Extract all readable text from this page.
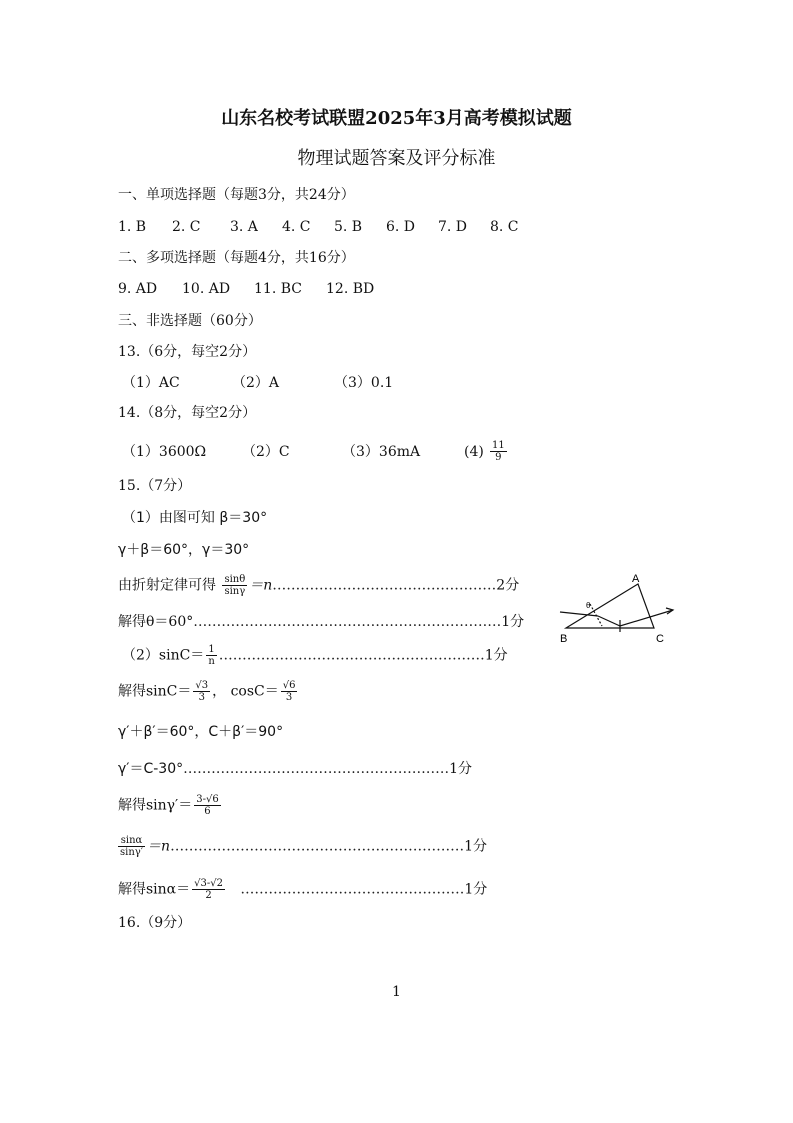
山东名校考试联盟2025年3月高考模拟试题
物理试题答案及评分标准
一、单项选择题（每题3分，共24分）
1. B 2. C 3. A 4. C 5. B 6. D 7. D 8. C
二、多项选择题（每题4分，共16分）
9. AD 10. AD 11. BC 12. BD
三、非选择题（60分）
13.（6分，每空2分）
（1）AC	（2）A	（3）0.1
14.（8分，每空2分）
（1）3600Ω	（2）C	（3）36mA	$(4) \frac{11}{9}$
15.（7分）
（1）由图可知 β＝30°
γ＋β＝60°，γ＝30°
由折射定律可得 $\frac{\sin\theta}{\sin\gamma}$ ＝n…………………………………………2分
解得θ＝60°…………………………………………………………1分
$(2)\sin C= \frac{1}{n}$ …………………………………………………1分
解得$\sin C= \frac{√3}{3}$ ， $\cos C= \frac{√6}{3}$
γ′＋β′＝60°，C＋β′＝90°
γ′＝C-30°…………………………………………………1分
解得$\sin\gamma'= \frac{3-√6}{6}$
$\frac{\sin\alpha}{\sin\gamma'}$ ＝n………………………………………………………1分
解得$\sin\alpha= \frac{√3-√2}{2}$ …………………………………………1分
16.（9分）
A
B	C
θ
1
